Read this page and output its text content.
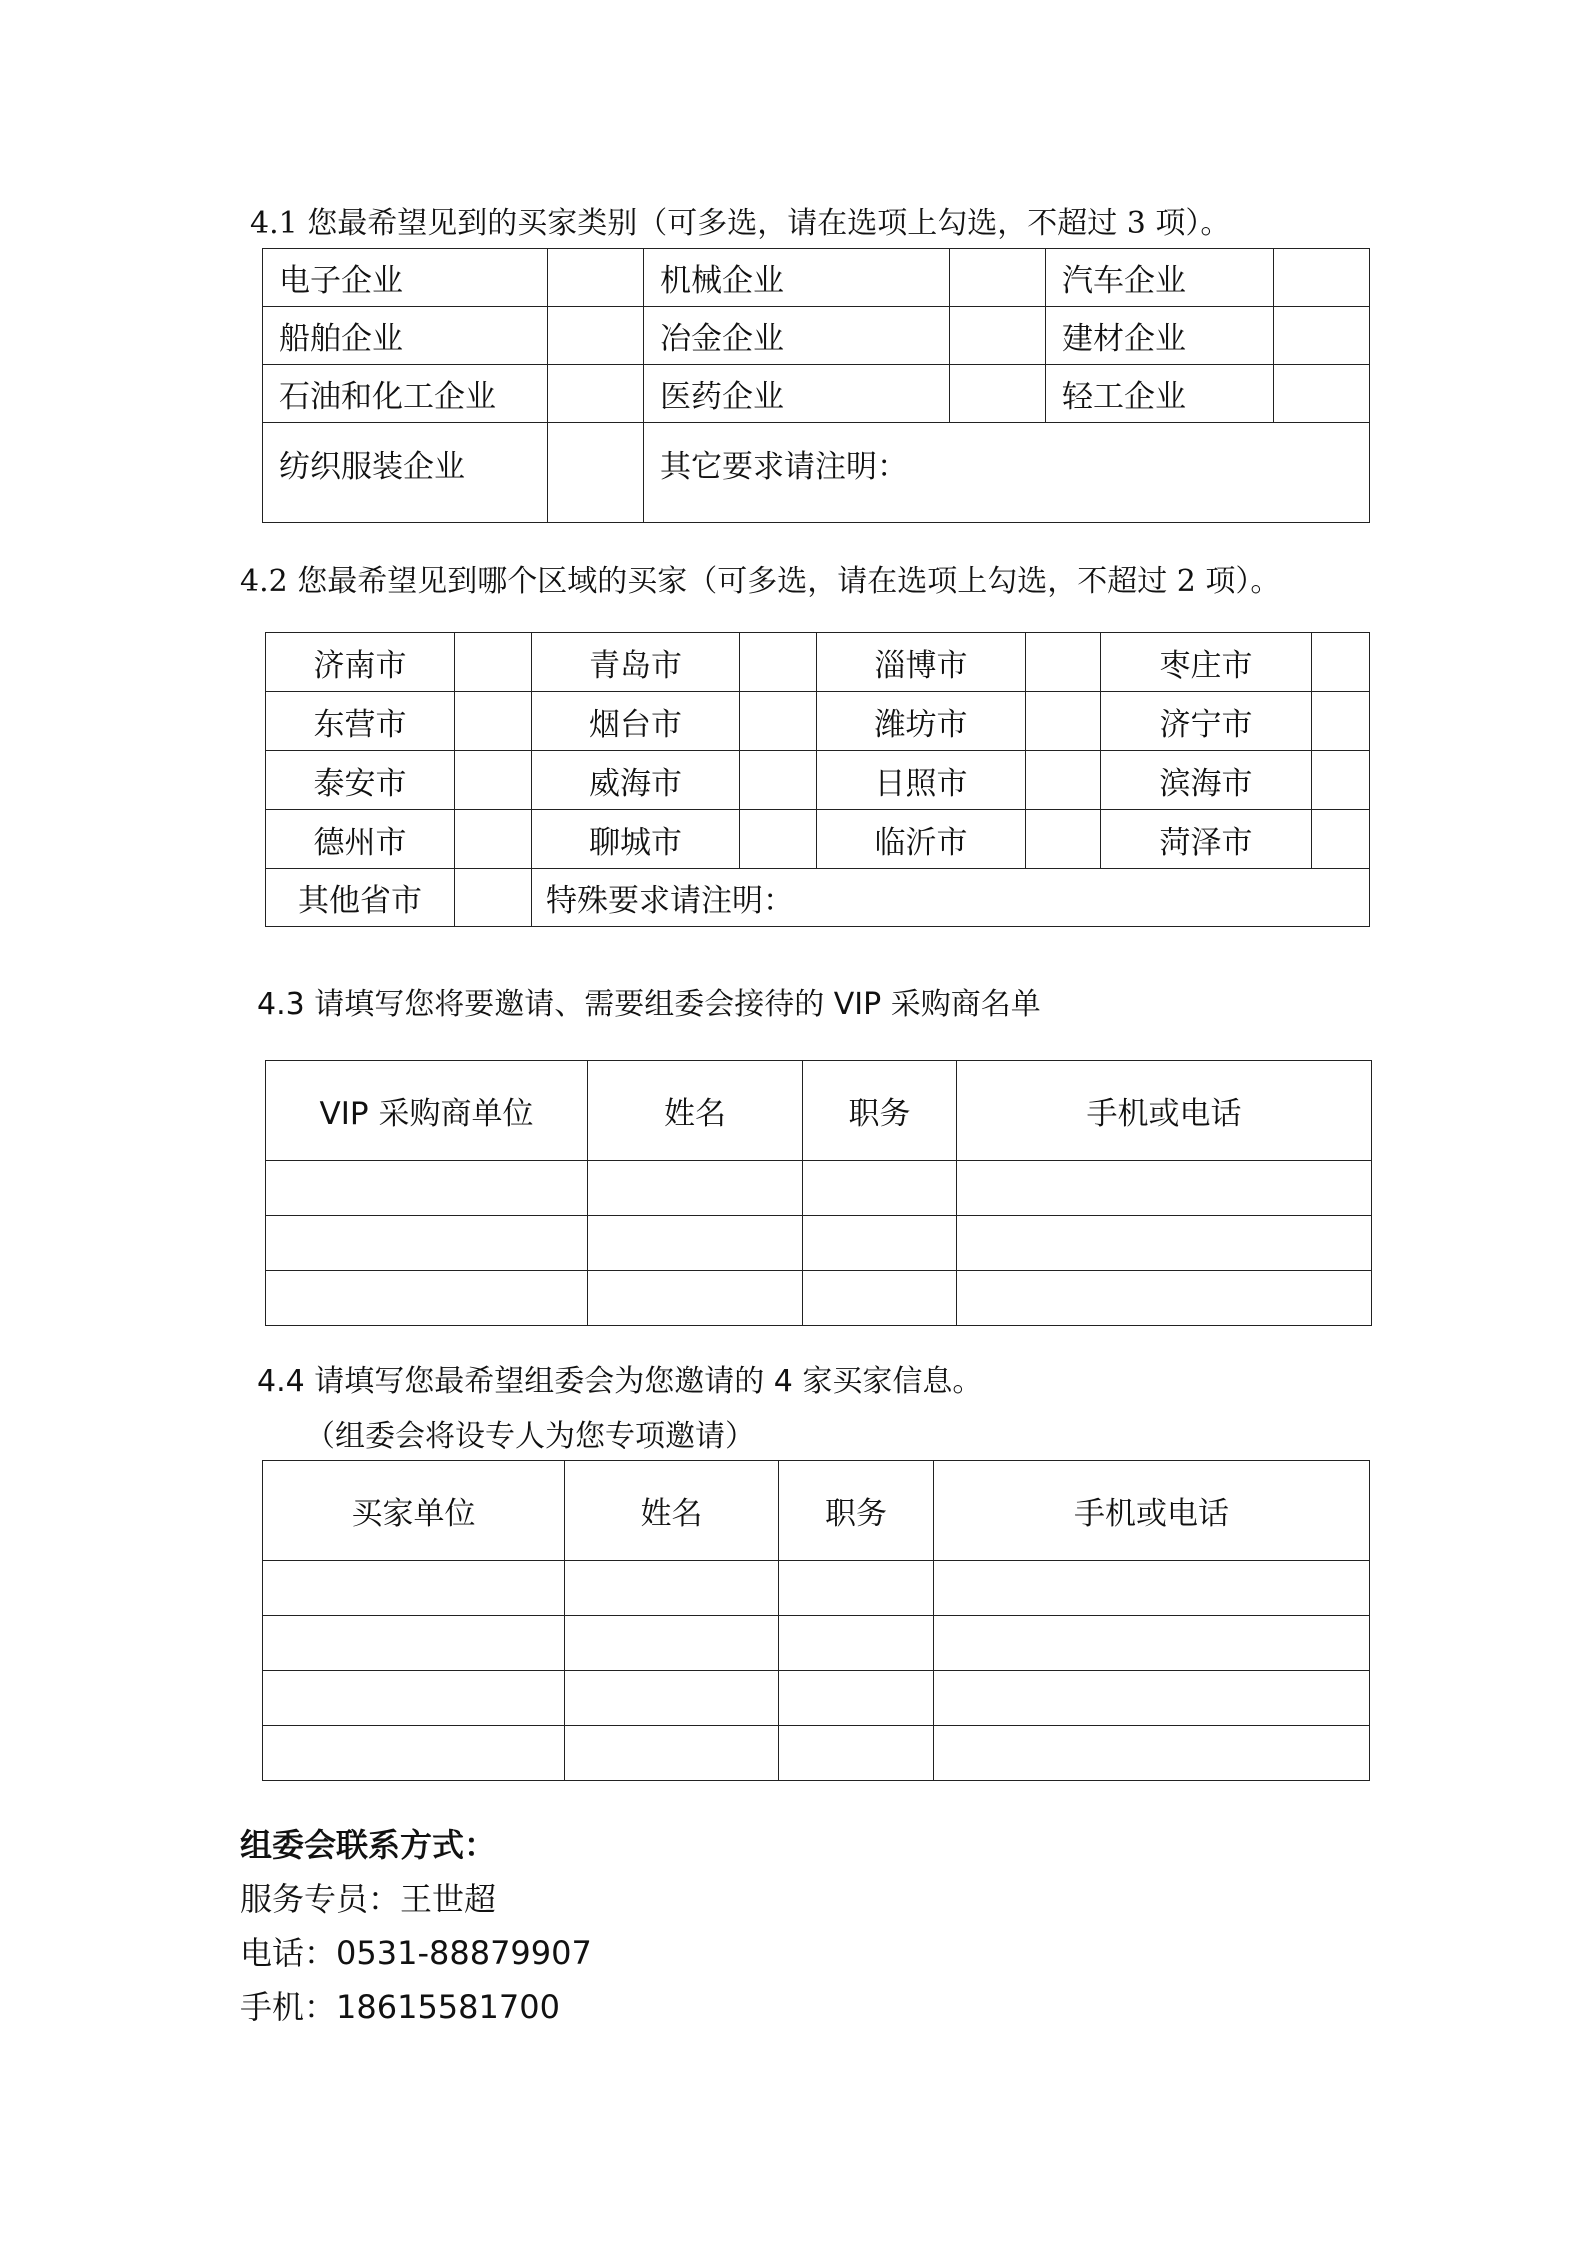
4.1 您最希望见到的买家类别（可多选，请在选项上勾选，不超过 3 项）。
电子企业		机械企业		汽车企业	
船舶企业		冶金企业		建材企业	
石油和化工企业		医药企业		轻工企业	
纺织服装企业		其它要求请注明：			
4.2 您最希望见到哪个区域的买家（可多选，请在选项上勾选，不超过 2 项）。
济南市		青岛市		淄博市		枣庄市	
东营市		烟台市		潍坊市		济宁市	
泰安市		威海市		日照市		滨海市	
德州市		聊城市		临沂市		菏泽市	
其他省市		特殊要求请注明：					
4.3 请填写您将要邀请、需要组委会接待的 VIP 采购商名单
VIP 采购商单位	姓名	职务	手机或电话

4.4 请填写您最希望组委会为您邀请的 4 家买家信息。
（组委会将设专人为您专项邀请）
买家单位	姓名	职务	手机或电话

组委会联系方式：
服务专员：王世超
电话：0531-88879907
手机：18615581700
